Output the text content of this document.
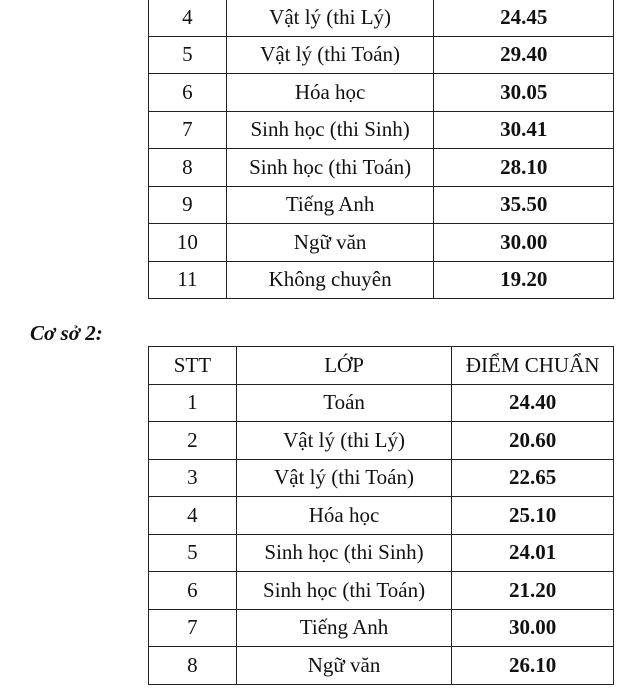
4	Vật lý (thi Lý)	24.45
5	Vật lý (thi Toán)	29.40
6	Hóa học	30.05
7	Sinh học (thi Sinh)	30.41
8	Sinh học (thi Toán)	28.10
9	Tiếng Anh	35.50
10	Ngữ văn	30.00
11	Không chuyên	19.20
Cơ sở 2:
STT	LỚP	ĐIỂM CHUẨN
1	Toán	24.40
2	Vật lý (thi Lý)	20.60
3	Vật lý (thi Toán)	22.65
4	Hóa học	25.10
5	Sinh học (thi Sinh)	24.01
6	Sinh học (thi Toán)	21.20
7	Tiếng Anh	30.00
8	Ngữ văn	26.10
